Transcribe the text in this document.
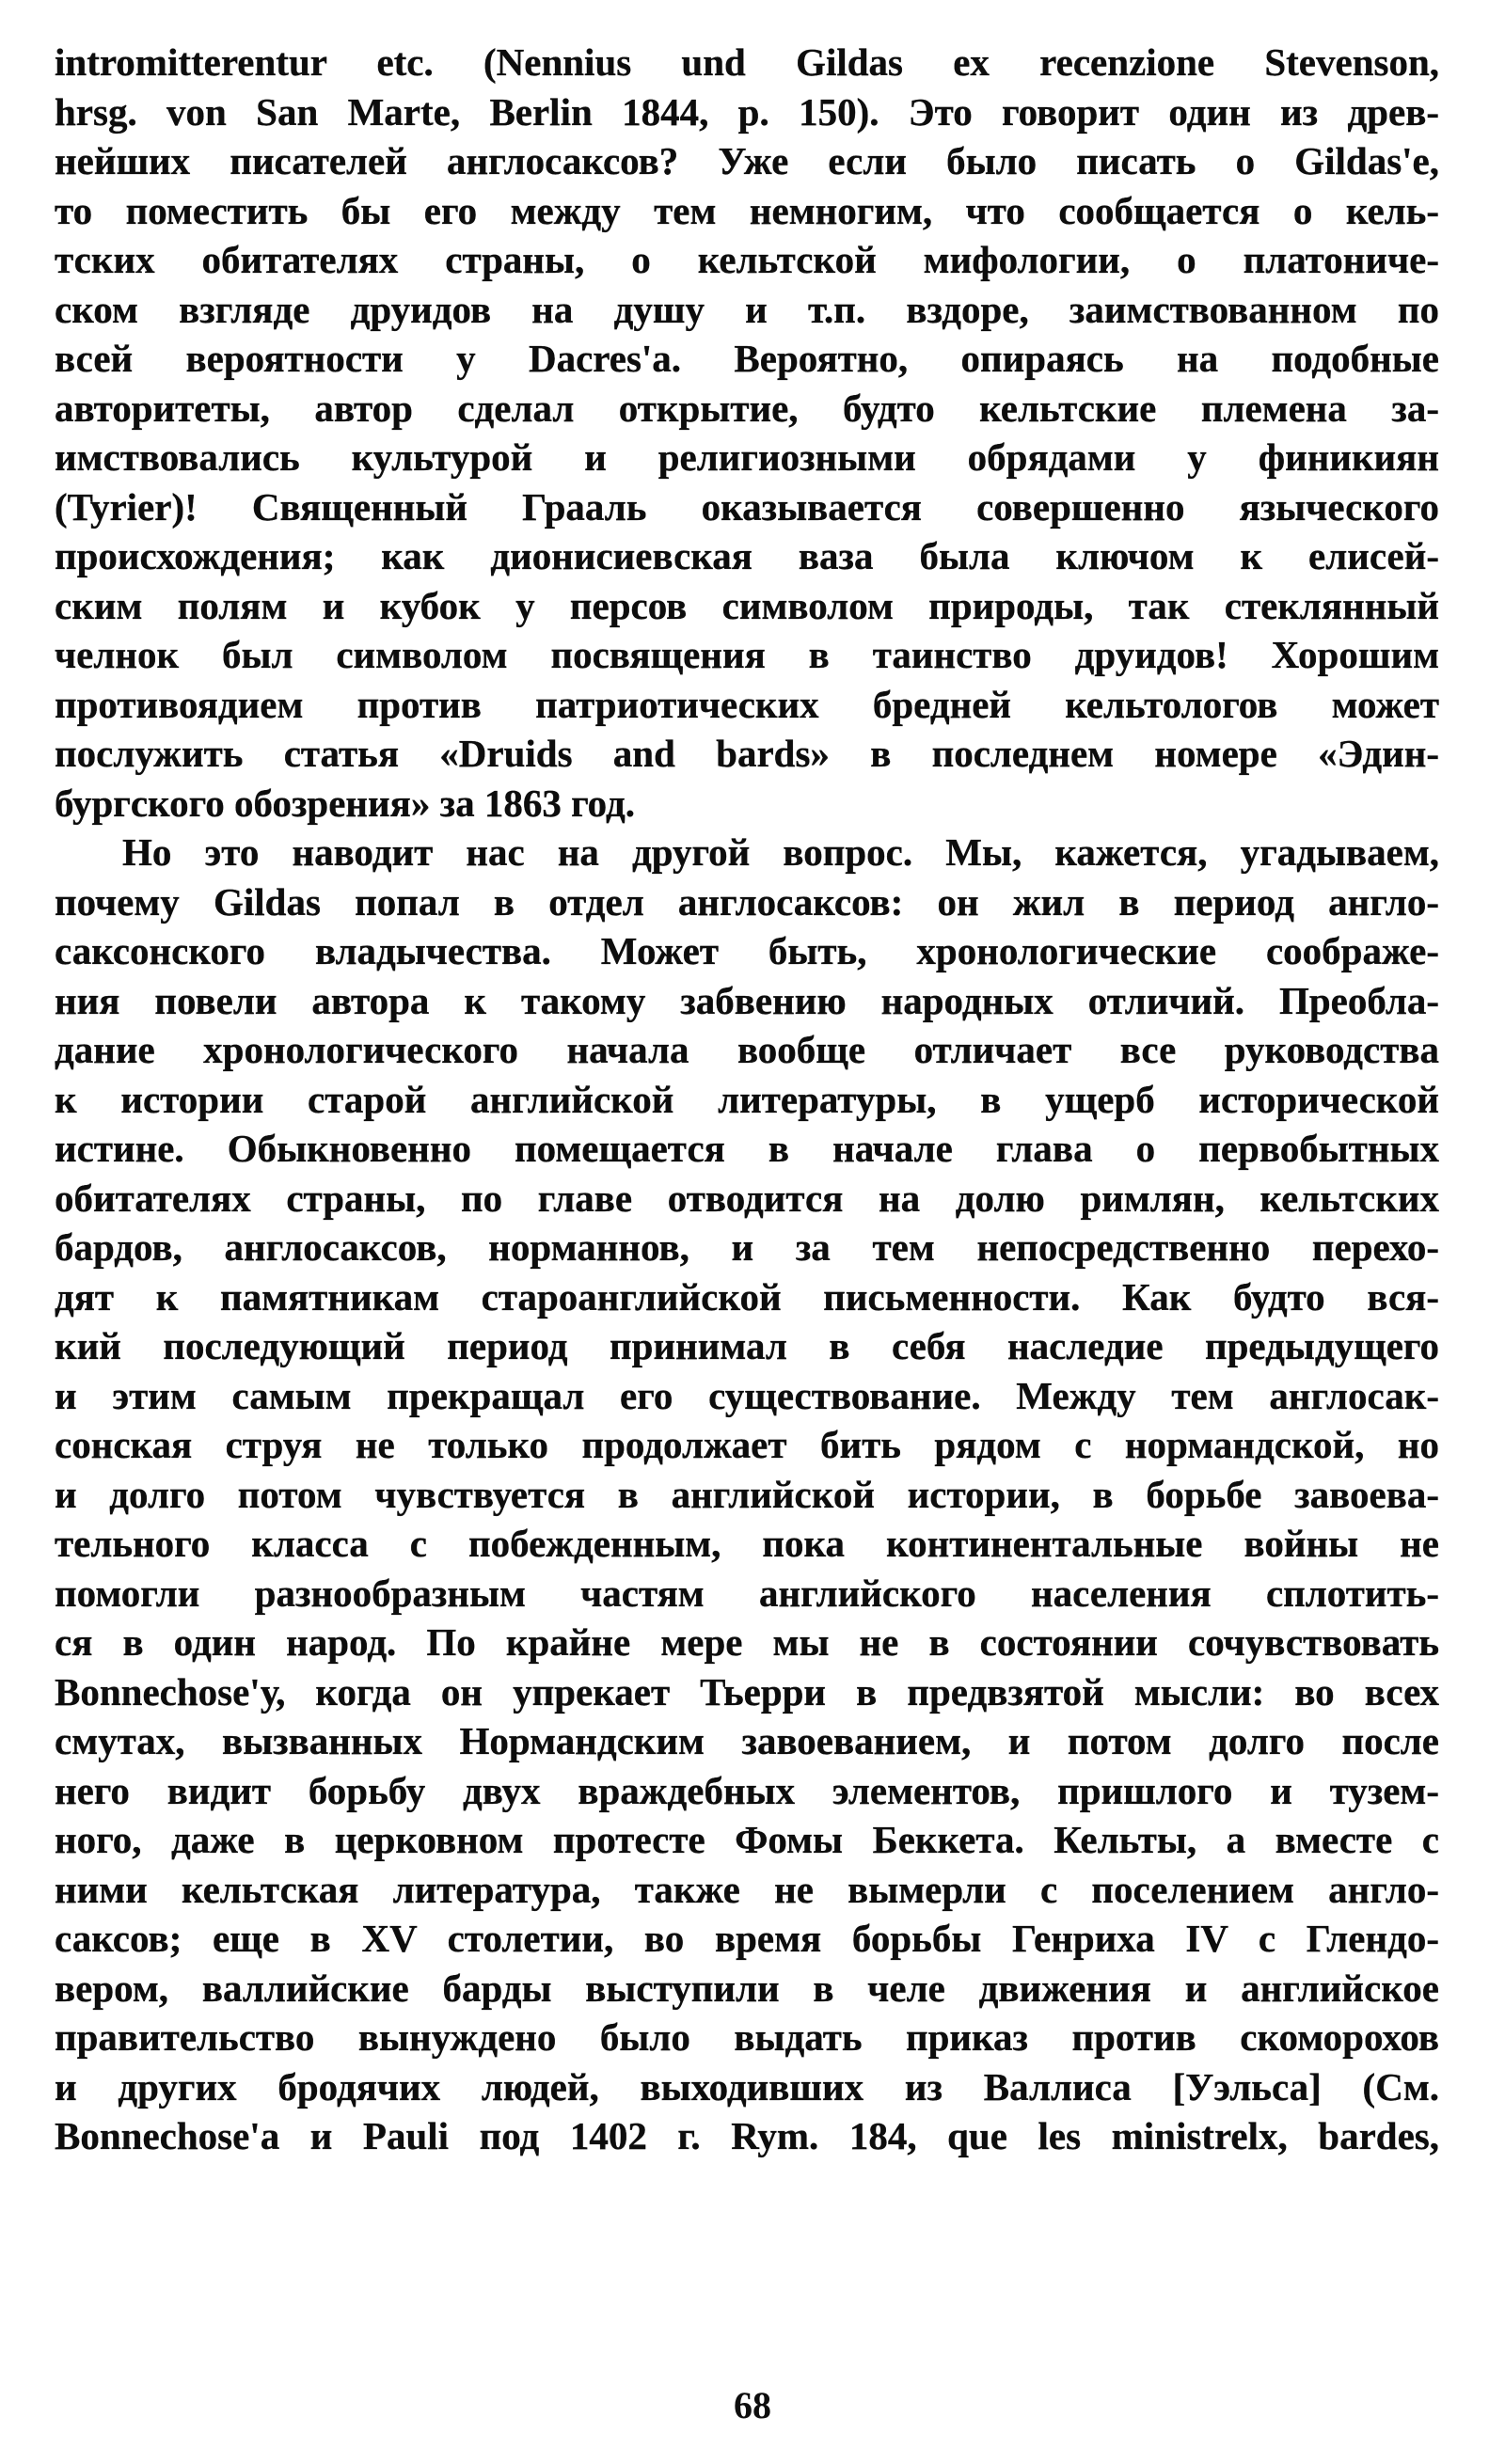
intromitterentur etc. (Nennius und Gildas ex recenzione Stevenson,
hrsg. von San Marte, Berlin 1844, p. 150). Это говорит один из древ-
нейших писателей англосаксов? Уже если было писать о Gildas'е,
то поместить бы его между тем немногим, что сообщается о кель-
тских обитателях страны, о кельтской мифологии, о платониче-
ском взгляде друидов на душу и т.п. вздоре, заимствованном по
всей вероятности у Dacres'а. Вероятно, опираясь на подобные
авторитеты, автор сделал открытие, будто кельтские племена за-
имствовались культурой и религиозными обрядами у финикиян
(Tyrier)! Священный Грааль оказывается совершенно языческого
происхождения; как дионисиевская ваза была ключом к елисей-
ским полям и кубок у персов символом природы, так стеклянный
челнок был символом посвящения в таинство друидов! Хорошим
противоядием против патриотических бредней кельтологов может
послужить статья «Druids and bards» в последнем номере «Эдин-
бургского обозрения» за 1863 год.
Но это наводит нас на другой вопрос. Мы, кажется, угадываем,
почему Gildas попал в отдел англосаксов: он жил в период англо-
саксонского владычества. Может быть, хронологические соображе-
ния повели автора к такому забвению народных отличий. Преобла-
дание хронологического начала вообще отличает все руководства
к истории старой английской литературы, в ущерб исторической
истине. Обыкновенно помещается в начале глава о первобытных
обитателях страны, по главе отводится на долю римлян, кельтских
бардов, англосаксов, норманнов, и за тем непосредственно перехо-
дят к памятникам староанглийской письменности. Как будто вся-
кий последующий период принимал в себя наследие предыдущего
и этим самым прекращал его существование. Между тем англосак-
сонская струя не только продолжает бить рядом с нормандской, но
и долго потом чувствуется в английской истории, в борьбе завоева-
тельного класса с побежденным, пока континентальные войны не
помогли разнообразным частям английского населения сплотить-
ся в один народ. По крайне мере мы не в состоянии сочувствовать
Bonnechose'у, когда он упрекает Тьерри в предвзятой мысли: во всех
смутах, вызванных Нормандским завоеванием, и потом долго после
него видит борьбу двух враждебных элементов, пришлого и тузем-
ного, даже в церковном протесте Фомы Беккета. Кельты, а вместе с
ними кельтская литература, также не вымерли с поселением англо-
саксов; еще в XV столетии, во время борьбы Генриха IV с Глендо-
вером, валлийские барды выступили в челе движения и английское
правительство вынуждено было выдать приказ против скоморохов
и других бродячих людей, выходивших из Валлиса [Уэльса] (См.
Bonnechose'а и Pauli под 1402 г. Rym. 184, que les ministrelx, bardes,
68
